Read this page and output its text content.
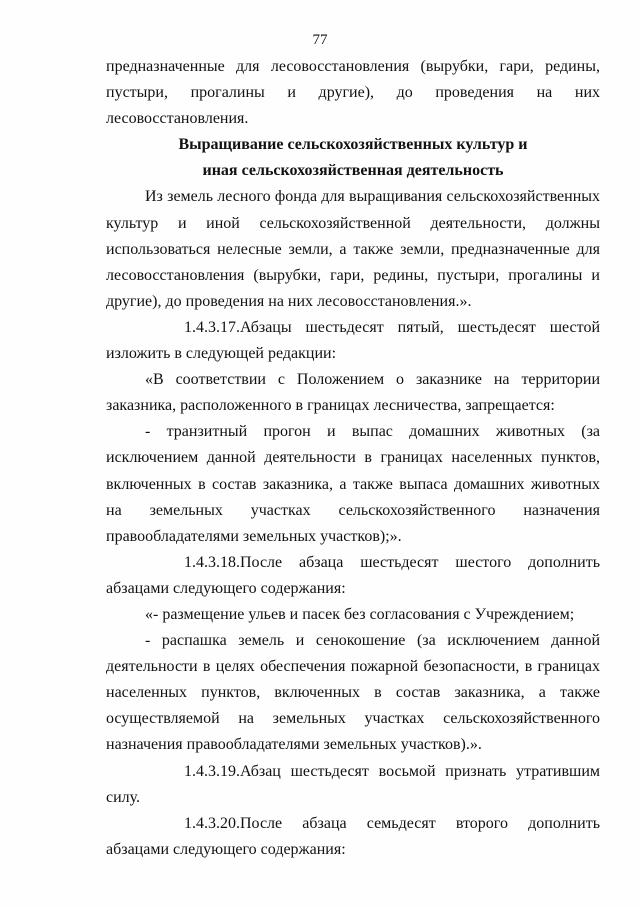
77

предназначенные для лесовосстановления (вырубки, гари, редины, пустыри, прогалины и другие), до проведения на них лесовосстановления.

Выращивание сельскохозяйственных культур и

иная сельскохозяйственная деятельность

Из земель лесного фонда для выращивания сельскохозяйственных культур и иной сельскохозяйственной деятельности, должны использоваться нелесные земли, а также земли, предназначенные для лесовосстановления (вырубки, гари, редины, пустыри, прогалины и другие), до проведения на них лесовосстановления.».

1.4.3.17.Абзацы шестьдесят пятый, шестьдесят шестой изложить в следующей редакции:

«В соответствии с Положением о заказнике на территории заказника, расположенного в границах лесничества, запрещается:

- транзитный прогон и выпас домашних животных (за исключением данной деятельности в границах населенных пунктов, включенных в состав заказника, а также выпаса домашних животных на земельных участках сельскохозяйственного назначения правообладателями земельных участков);».

1.4.3.18.После абзаца шестьдесят шестого дополнить абзацами следующего содержания:

«- размещение ульев и пасек без согласования с Учреждением;

- распашка земель и сенокошение (за исключением данной деятельности в целях обеспечения пожарной безопасности, в границах населенных пунктов, включенных в состав заказника, а также осуществляемой на земельных участках сельскохозяйственного назначения правообладателями земельных участков).».

1.4.3.19.Абзац шестьдесят восьмой признать утратившим силу.

1.4.3.20.После абзаца семьдесят второго дополнить абзацами следующего содержания:
